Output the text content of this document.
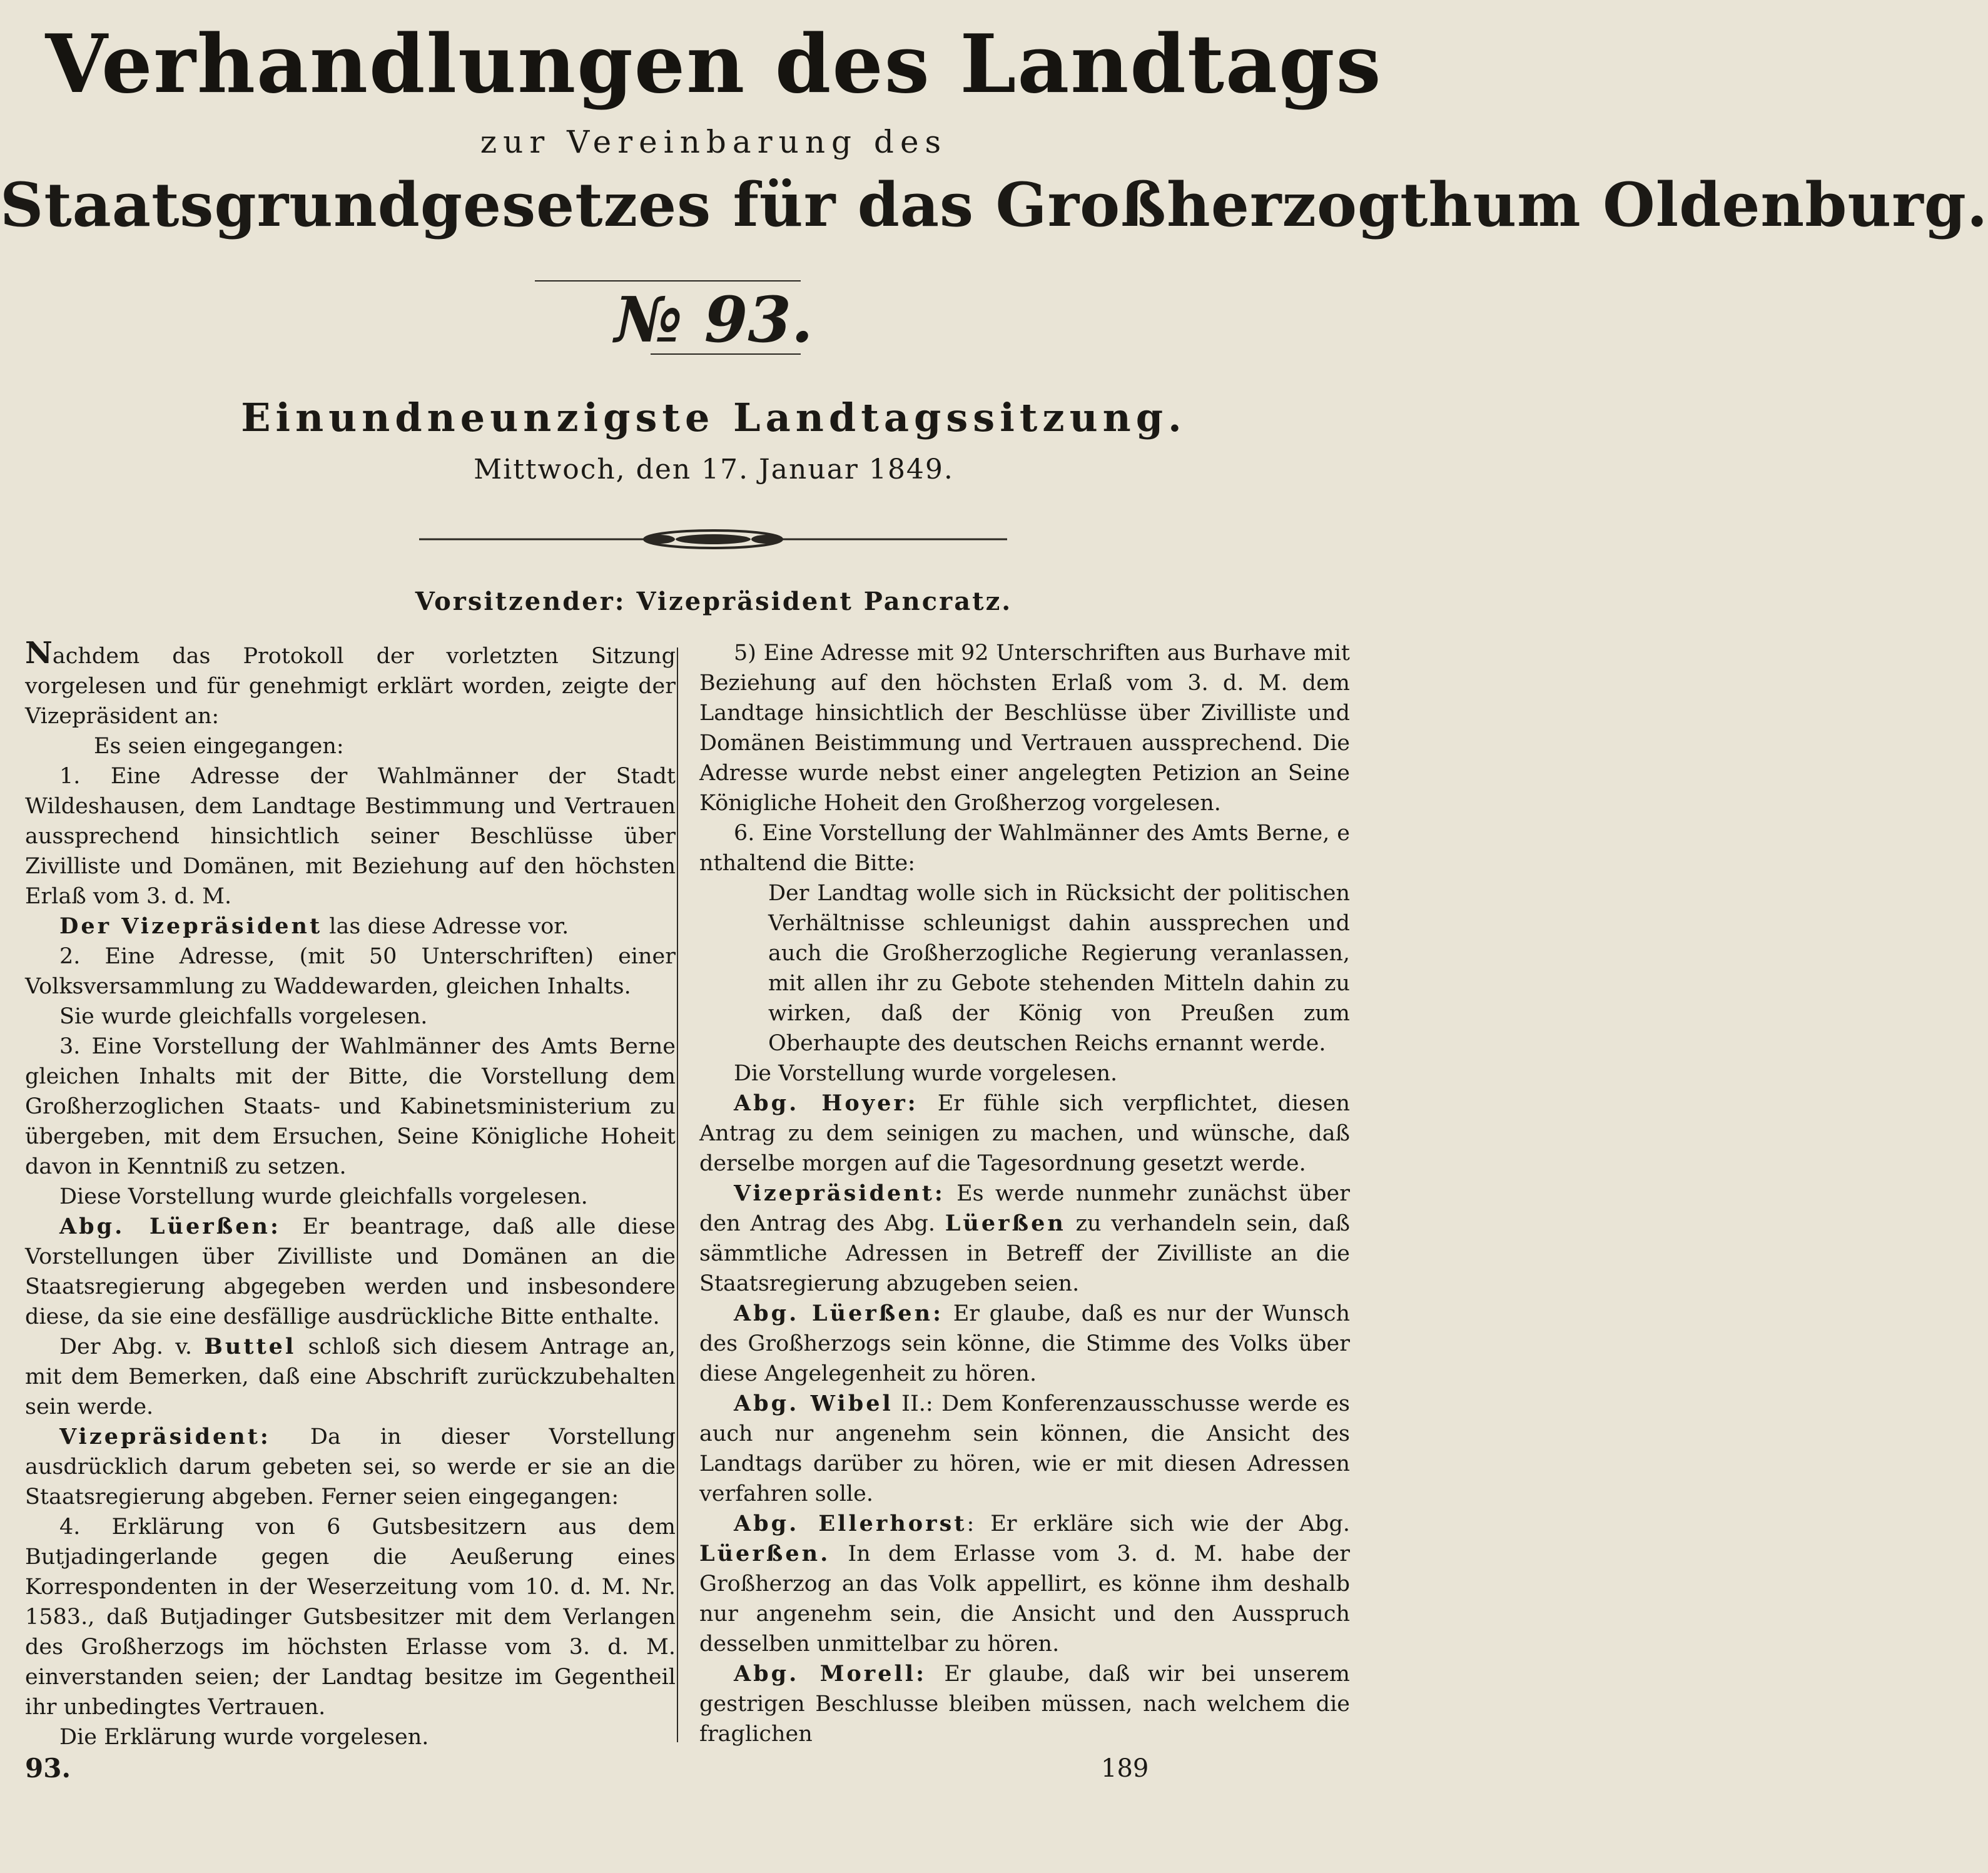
Verhandlungen des Landtags
zur Vereinbarung des
Staatsgrundgesetzes für das Großherzogthum Oldenburg.
№ 93.
Einundneunzigste Landtagssitzung.
Mittwoch, den 17. Januar 1849.
Vorsitzender: Vizepräsident Pancratz.

Nachdem das Protokoll der vorletzten Sitzung vorgelesen und für genehmigt erklärt worden, zeigte der Vizepräsident an:

Es seien eingegangen:

1. Eine Adresse der Wahlmänner der Stadt Wildeshausen, dem Landtage Bestimmung und Vertrauen aussprechend hinsichtlich seiner Beschlüsse über Zivilliste und Domänen, mit Beziehung auf den höchsten Erlaß vom 3. d. M.

Der Vizepräsident las diese Adresse vor.

2. Eine Adresse, (mit 50 Unterschriften) einer Volksversammlung zu Waddewarden, gleichen Inhalts.

Sie wurde gleichfalls vorgelesen.

3. Eine Vorstellung der Wahlmänner des Amts Berne gleichen Inhalts mit der Bitte, die Vorstellung dem Großherzoglichen Staats- und Kabinetsministerium zu übergeben, mit dem Ersuchen, Seine Königliche Hoheit davon in Kenntniß zu setzen.

Diese Vorstellung wurde gleichfalls vorgelesen.

Abg. Lüerßen: Er beantrage, daß alle diese Vorstellungen über Zivilliste und Domänen an die Staatsregierung abgegeben werden und insbesondere diese, da sie eine desfällige ausdrückliche Bitte enthalte.

Der Abg. v. Buttel schloß sich diesem Antrage an, mit dem Bemerken, daß eine Abschrift zurückzubehalten sein werde.

Vizepräsident: Da in dieser Vorstellung ausdrücklich darum gebeten sei, so werde er sie an die Staatsregierung abgeben. Ferner seien eingegangen:

4. Erklärung von 6 Gutsbesitzern aus dem Butjadingerlande gegen die Aeußerung eines Korrespondenten in der Weserzeitung vom 10. d. M. Nr. 1583., daß Butjadinger Gutsbesitzer mit dem Verlangen des Großherzogs im höchsten Erlasse vom 3. d. M. einverstanden seien; der Landtag besitze im Gegentheil ihr unbedingtes Vertrauen.

Die Erklärung wurde vorgelesen.

5) Eine Adresse mit 92 Unterschriften aus Burhave mit Beziehung auf den höchsten Erlaß vom 3. d. M. dem Landtage hinsichtlich der Beschlüsse über Zivilliste und Domänen Beistimmung und Vertrauen aussprechend. Die Adresse wurde nebst einer angelegten Petizion an Seine Königliche Hoheit den Großherzog vorgelesen.

6. Eine Vorstellung der Wahlmänner des Amts Berne, e nthaltend die Bitte:

Der Landtag wolle sich in Rücksicht der politischen Verhältnisse schleunigst dahin aussprechen und auch die Großherzogliche Regierung veranlassen, mit allen ihr zu Gebote stehenden Mitteln dahin zu wirken, daß der König von Preußen zum Oberhaupte des deutschen Reichs ernannt werde.

Die Vorstellung wurde vorgelesen.

Abg. Hoyer: Er fühle sich verpflichtet, diesen Antrag zu dem seinigen zu machen, und wünsche, daß derselbe morgen auf die Tagesordnung gesetzt werde.

Vizepräsident: Es werde nunmehr zunächst über den Antrag des Abg. Lüerßen zu verhandeln sein, daß sämmtliche Adressen in Betreff der Zivilliste an die Staatsregierung abzugeben seien.

Abg. Lüerßen: Er glaube, daß es nur der Wunsch des Großherzogs sein könne, die Stimme des Volks über diese Angelegenheit zu hören.

Abg. Wibel II.: Dem Konferenzausschusse werde es auch nur angenehm sein können, die Ansicht des Landtags darüber zu hören, wie er mit diesen Adressen verfahren solle.

Abg. Ellerhorst: Er erkläre sich wie der Abg. Lüerßen. In dem Erlasse vom 3. d. M. habe der Großherzog an das Volk appellirt, es könne ihm deshalb nur angenehm sein, die Ansicht und den Ausspruch desselben unmittelbar zu hören.

Abg. Morell: Er glaube, daß wir bei unserem gestrigen Beschlusse bleiben müssen, nach welchem die fraglichen

93.	189
